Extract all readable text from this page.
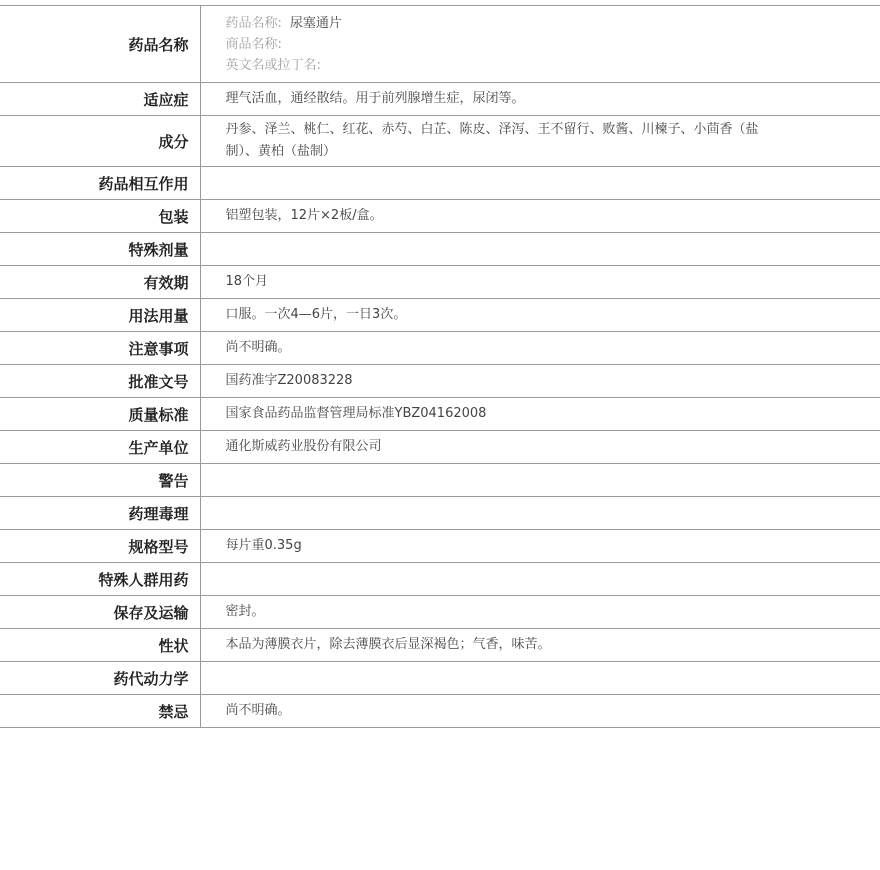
药品名称	药品名称: 尿塞通片
商品名称:
英文名或拉丁名:

适应症	理气活血，通经散结。用于前列腺增生症，尿闭等。
成分	丹参、泽兰、桃仁、红花、赤芍、白芷、陈皮、泽泻、王不留行、败酱、川楝子、小茴香（盐制）、黄柏（盐制）
药品相互作用	
包装	铝塑包装，12片×2板/盒。
特殊剂量	
有效期	18个月
用法用量	口服。一次4—6片，一日3次。
注意事项	尚不明确。
批准文号	国药准字Z20083228
质量标准	国家食品药品监督管理局标准YBZ04162008
生产单位	通化斯威药业股份有限公司
警告	
药理毒理	
规格型号	每片重0.35g
特殊人群用药	
保存及运输	密封。
性状	本品为薄膜衣片，除去薄膜衣后显深褐色；气香，味苦。
药代动力学	
禁忌	尚不明确。
